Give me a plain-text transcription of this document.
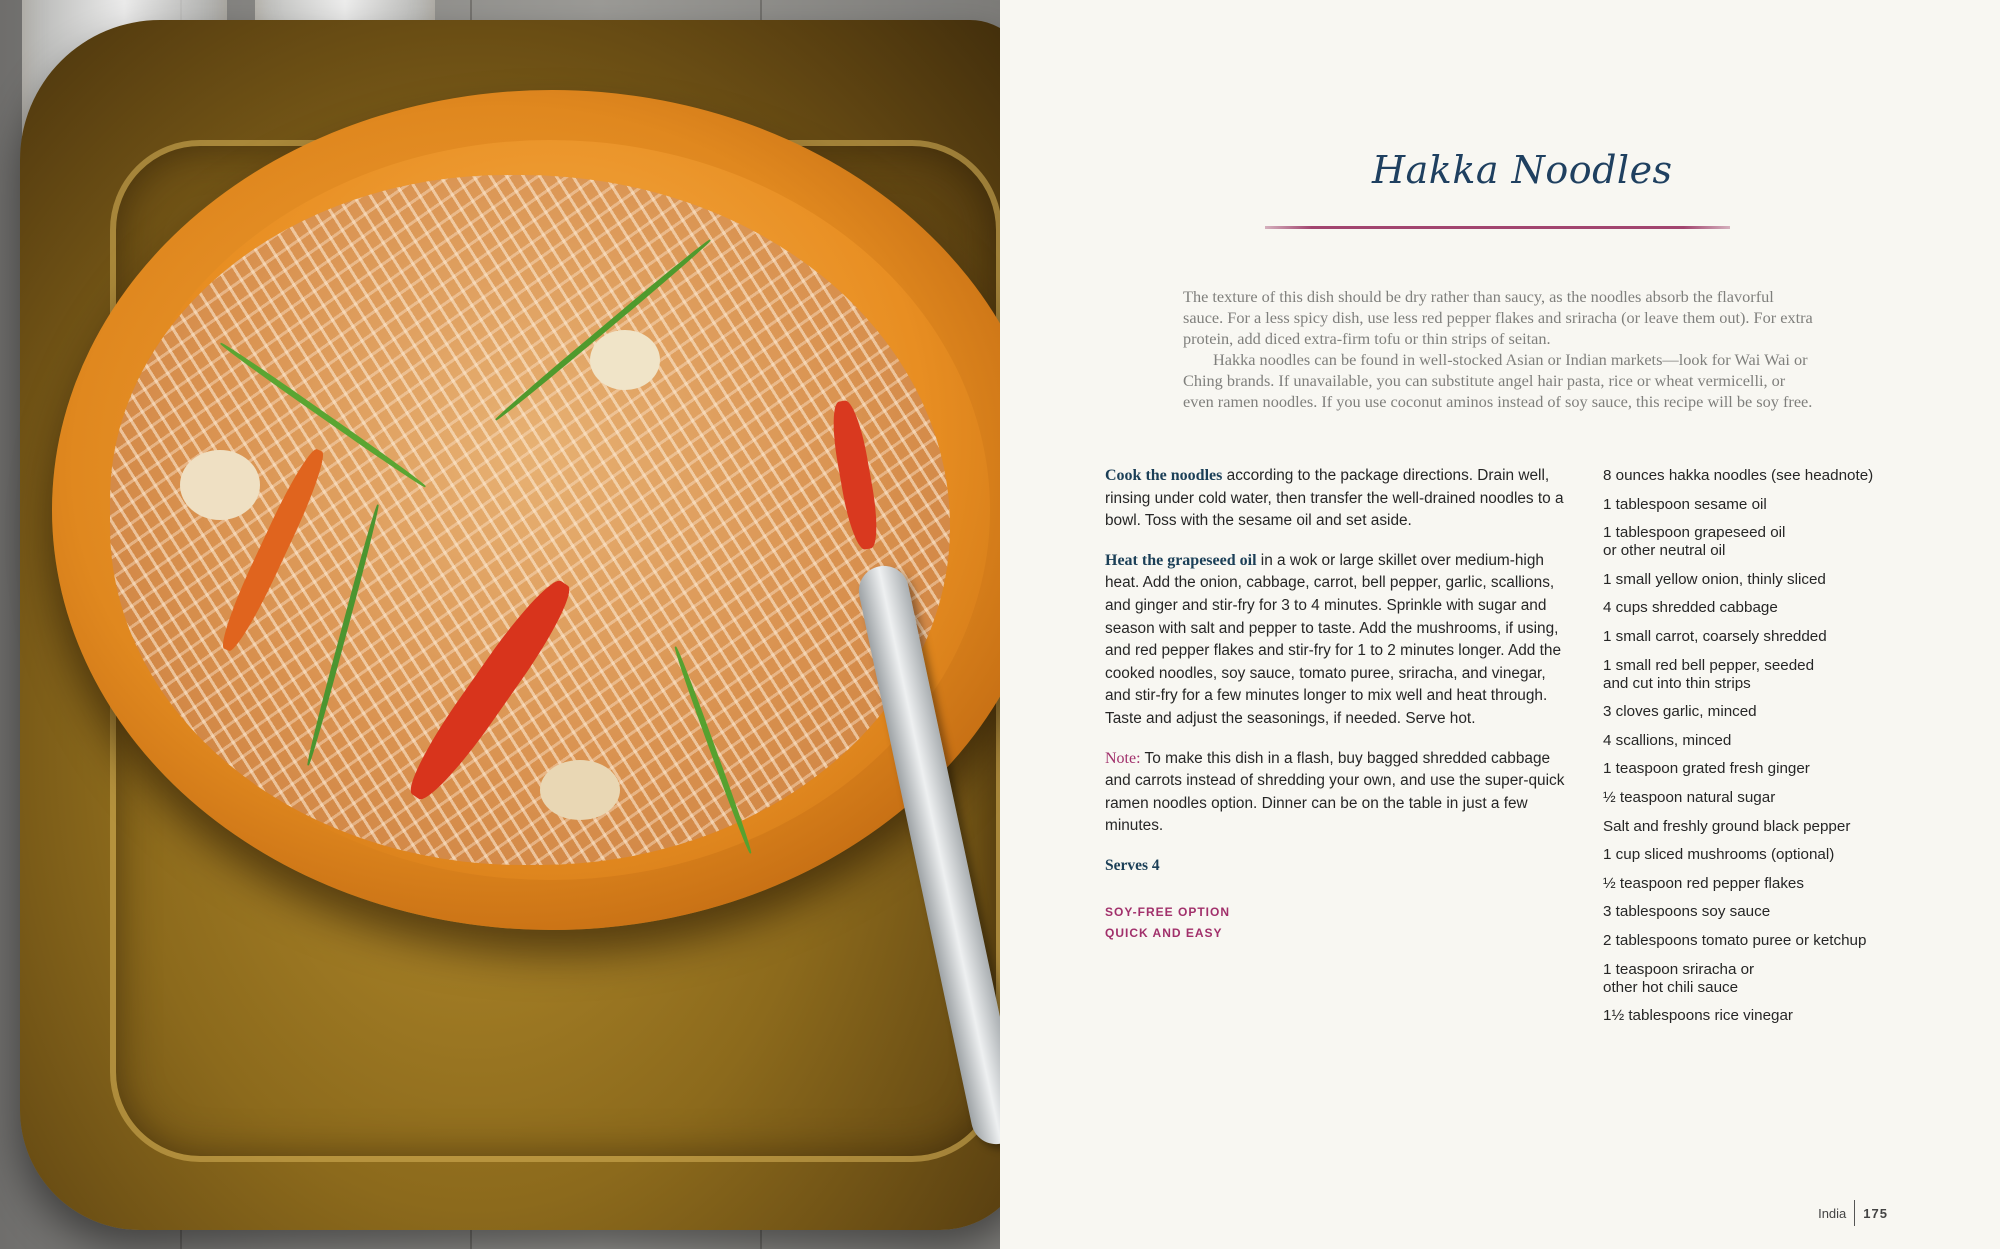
Hakka Noodles

The texture of this dish should be dry rather than saucy, as the noodles absorb the flavorful sauce. For a less spicy dish, use less red pepper flakes and sriracha (or leave them out). For extra protein, add diced extra-firm tofu or thin strips of seitan.

Hakka noodles can be found in well-stocked Asian or Indian markets—look for Wai Wai or Ching brands. If unavailable, you can substitute angel hair pasta, rice or wheat vermicelli, or even ramen noodles. If you use coconut aminos instead of soy sauce, this recipe will be soy free.

Cook the noodles according to the package directions. Drain well, rinsing under cold water, then transfer the well-drained noodles to a bowl. Toss with the sesame oil and set aside.

Heat the grapeseed oil in a wok or large skillet over medium-high heat. Add the onion, cabbage, carrot, bell pepper, garlic, scallions, and ginger and stir-fry for 3 to 4 minutes. Sprinkle with sugar and season with salt and pepper to taste. Add the mushrooms, if using, and red pepper flakes and stir-fry for 1 to 2 minutes longer. Add the cooked noodles, soy sauce, tomato puree, sriracha, and vinegar, and stir-fry for a few minutes longer to mix well and heat through. Taste and adjust the seasonings, if needed. Serve hot.

Note: To make this dish in a flash, buy bagged shredded cabbage and carrots instead of shredding your own, and use the super-quick ramen noodles option. Dinner can be on the table in just a few minutes.

Serves 4
SOY-FREE OPTION
QUICK AND EASY
8 ounces hakka noodles (see headnote)
1 tablespoon sesame oil
1 tablespoon grapeseed oil
or other neutral oil
1 small yellow onion, thinly sliced
4 cups shredded cabbage
1 small carrot, coarsely shredded
1 small red bell pepper, seeded
and cut into thin strips
3 cloves garlic, minced
4 scallions, minced
1 teaspoon grated fresh ginger
½ teaspoon natural sugar
Salt and freshly ground black pepper
1 cup sliced mushrooms (optional)
½ teaspoon red pepper flakes
3 tablespoons soy sauce
2 tablespoons tomato puree or ketchup
1 teaspoon sriracha or
other hot chili sauce
1½ tablespoons rice vinegar
India 175
